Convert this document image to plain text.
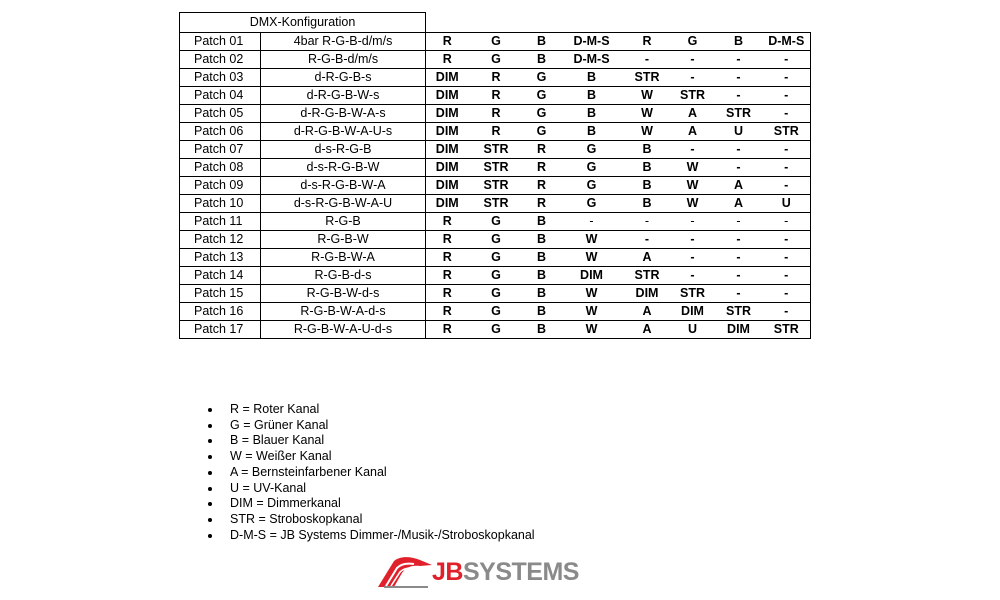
DMX-Konfiguration									
Patch 01	4bar R-G-B-d/m/s	R	G	B	D-M-S	R	G	B	D-M-S
Patch 02	R-G-B-d/m/s	R	G	B	D-M-S	-	-	-	-
Patch 03	d-R-G-B-s	DIM	R	G	B	STR	-	-	-
Patch 04	d-R-G-B-W-s	DIM	R	G	B	W	STR	-	-
Patch 05	d-R-G-B-W-A-s	DIM	R	G	B	W	A	STR	-
Patch 06	d-R-G-B-W-A-U-s	DIM	R	G	B	W	A	U	STR
Patch 07	d-s-R-G-B	DIM	STR	R	G	B	-	-	-
Patch 08	d-s-R-G-B-W	DIM	STR	R	G	B	W	-	-
Patch 09	d-s-R-G-B-W-A	DIM	STR	R	G	B	W	A	-
Patch 10	d-s-R-G-B-W-A-U	DIM	STR	R	G	B	W	A	U
Patch 11	R-G-B	R	G	B	-	-	-	-	-
Patch 12	R-G-B-W	R	G	B	W	-	-	-	-
Patch 13	R-G-B-W-A	R	G	B	W	A	-	-	-
Patch 14	R-G-B-d-s	R	G	B	DIM	STR	-	-	-
Patch 15	R-G-B-W-d-s	R	G	B	W	DIM	STR	-	-
Patch 16	R-G-B-W-A-d-s	R	G	B	W	A	DIM	STR	-
Patch 17	R-G-B-W-A-U-d-s	R	G	B	W	A	U	DIM	STR
R = Roter Kanal
G = Grüner Kanal
B = Blauer Kanal
W = Weißer Kanal
A = Bernsteinfarbener Kanal
U = UV-Kanal
DIM = Dimmerkanal
STR = Stroboskopkanal
D-M-S = JB Systems Dimmer-/Musik-/Stroboskopkanal
JBSYSTEMS
